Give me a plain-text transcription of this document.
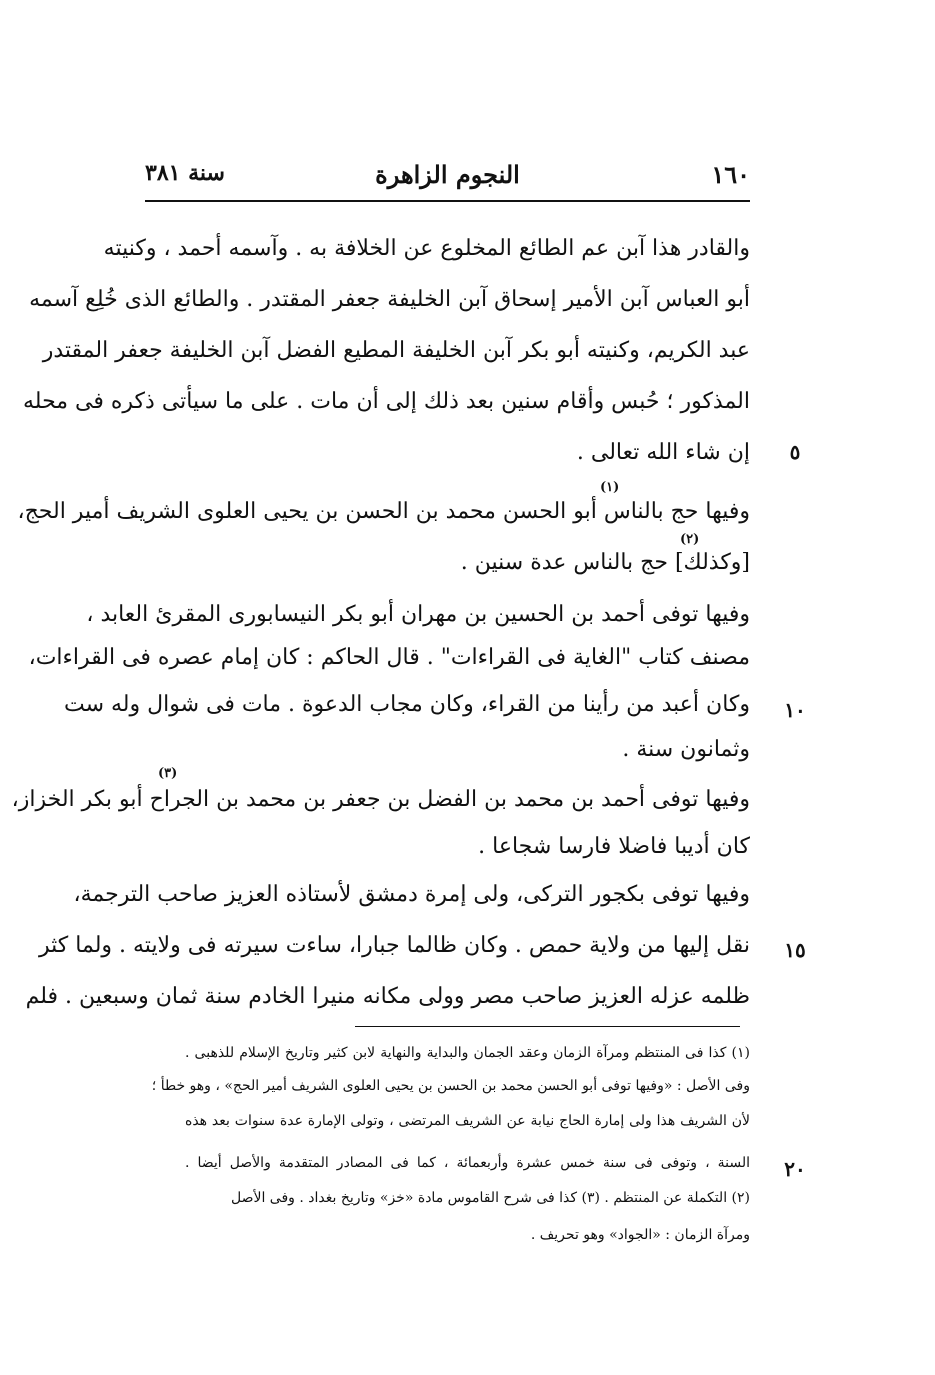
١٦٠
النجوم الزاهرة
سنة ٣٨١
والقادر هذا آبن عم الطائع المخلوع عن الخلافة به . وآسمه أحمد ، وكنيته
أبو العباس آبن الأمير إسحاق آبن الخليفة جعفر المقتدر . والطائع الذى خُلِع آسمه
عبد الكريم، وكنيته أبو بكر آبن الخليفة المطيع الفضل آبن الخليفة جعفر المقتدر
المذكور ؛ حُبس وأقام سنين بعد ذلك إلى أن مات . على ما سيأتى ذكره فى محله
إن شاء الله تعالى .
وفيها حج بالناس أبو الحسن محمد بن الحسن بن يحيى العلوى الشريف أمير الحج،
[وكذلك] حج بالناس عدة سنين .
وفيها توفى أحمد بن الحسين بن مهران أبو بكر النيسابورى المقرئ العابد ،
مصنف كتاب "الغاية فى القراءات" . قال الحاكم : كان إمام عصره فى القراءات،
وكان أعبد من رأينا من القراء، وكان مجاب الدعوة . مات فى شوال وله ست
وثمانون سنة .
وفيها توفى أحمد بن محمد بن الفضل بن جعفر بن محمد بن الجراح أبو بكر الخزاز،
كان أديبا فاضلا فارسا شجاعا .
وفيها توفى بكجور التركى، ولى إمرة دمشق لأستاذه العزيز صاحب الترجمة،
نقل إليها من ولاية حمص . وكان ظالما جبارا، ساءت سيرته فى ولايته . ولما كثر
ظلمه عزله العزيز صاحب مصر وولى مكانه منيرا الخادم سنة ثمان وسبعين . فلم
(١)
(٢)
(٣)
(١) كذا فى المنتظم ومرآة الزمان وعقد الجمان والبداية والنهاية لابن كثير وتاريخ الإسلام للذهبى .
وفى الأصل : «وفيها توفى أبو الحسن محمد بن الحسن بن يحيى العلوى الشريف أمير الحج» ، وهو خطأ ؛
لأن الشريف هذا ولى إمارة الحاج نيابة عن الشريف المرتضى ، وتولى الإمارة عدة سنوات بعد هذه
السنة ، وتوفى فى سنة خمس عشرة وأربعمائة ، كما فى المصادر المتقدمة والأصل أيضا .
(٢) التكملة عن المنتظم . (٣) كذا فى شرح القاموس مادة «خز» وتاريخ بغداد . وفى الأصل
ومرآة الزمان : «الجواد» وهو تحريف .
٥
١٠
١٥
٢٠
